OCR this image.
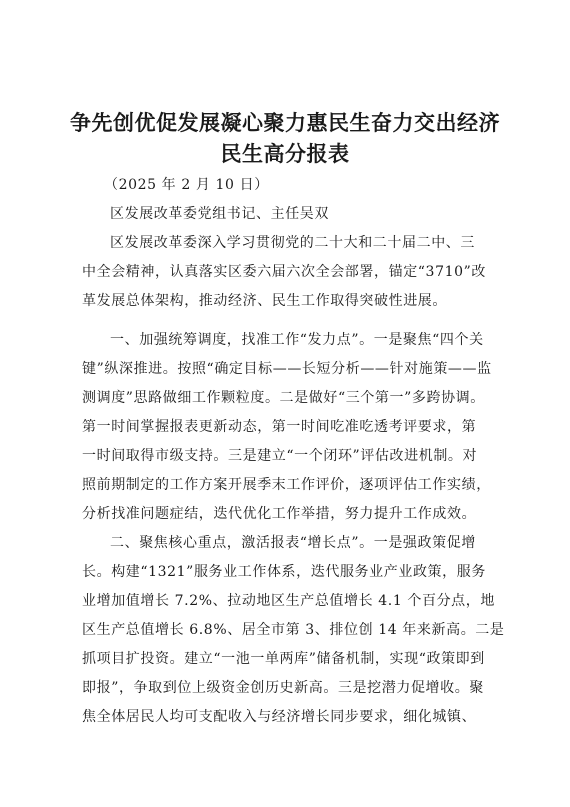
争先创优促发展凝心聚力惠民生奋力交出经济
民生高分报表
（2025 年 2 月 10 日）
区发展改革委党组书记、主任吴双
区发展改革委深入学习贯彻党的二十大和二十届二中、三
中全会精神，认真落实区委六届六次全会部署，锚定“3710”改
革发展总体架构，推动经济、民生工作取得突破性进展。
一、加强统筹调度，找准工作“发力点”。一是聚焦“四个关
键”纵深推进。按照“确定目标——长短分析——针对施策——监
测调度”思路做细工作颗粒度。二是做好“三个第一”多跨协调。
第一时间掌握报表更新动态，第一时间吃准吃透考评要求，第
一时间取得市级支持。三是建立“一个闭环”评估改进机制。对
照前期制定的工作方案开展季末工作评价，逐项评估工作实绩，
分析找准问题症结，迭代优化工作举措，努力提升工作成效。
二、聚焦核心重点，激活报表“增长点”。一是强政策促增
长。构建“1321”服务业工作体系，迭代服务业产业政策，服务
业增加值增长 7.2%、拉动地区生产总值增长 4.1 个百分点，地
区生产总值增长 6.8%、居全市第 3、排位创 14 年来新高。二是
抓项目扩投资。建立“一池一单两库”储备机制，实现“政策即到
即报”，争取到位上级资金创历史新高。三是挖潜力促增收。聚
焦全体居民人均可支配收入与经济增长同步要求，细化城镇、
